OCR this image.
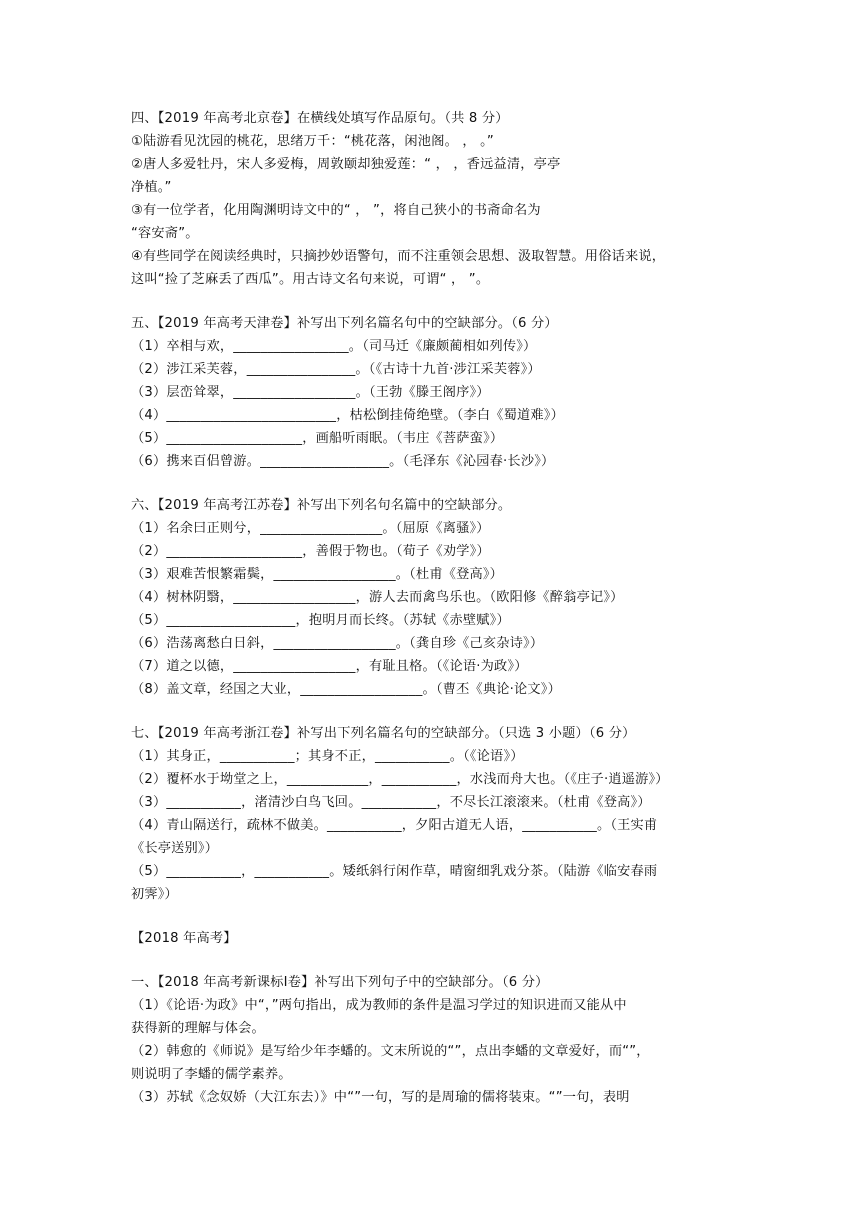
四、【2019 年高考北京卷】在横线处填写作品原句。（共 8 分）
①陆游看见沈园的桃花，思绪万千：“桃花落，闲池阁。 ， 。”
②唐人多爱牡丹，宋人多爱梅，周敦颐却独爱莲：“ ， ，香远益清，亭亭
净植。”
③有一位学者，化用陶渊明诗文中的“ ， ”，将自己狭小的书斋命名为
“容安斋”。
④有些同学在阅读经典时，只摘抄妙语警句，而不注重领会思想、汲取智慧。用俗话来说，
这叫“捡了芝麻丢了西瓜”。用古诗文名句来说，可谓“ ， ”。
五、【2019 年高考天津卷】补写出下列名篇名句中的空缺部分。（6 分）
（1）卒相与欢，_________________。（司马迁《廉颇蔺相如列传》）
（2）涉江采芙蓉，________________。（《古诗十九首·涉江采芙蓉》）
（3）层峦耸翠，__________________。（王勃《滕王阁序》）
（4）_________________________，枯松倒挂倚绝壁。（李白《蜀道难》）
（5）____________________，画船听雨眠。（韦庄《菩萨蛮》）
（6）携来百侣曾游。___________________。（毛泽东《沁园春·长沙》）
六、【2019 年高考江苏卷】补写出下列名句名篇中的空缺部分。
（1）名余曰正则兮，__________________。（屈原《离骚》）
（2）____________________，善假于物也。（荀子《劝学》）
（3）艰难苦恨繁霜鬓，__________________。（杜甫《登高》）
（4）树林阴翳，__________________，游人去而禽鸟乐也。（欧阳修《醉翁亭记》）
（5）___________________，抱明月而长终。（苏轼《赤壁赋》）
（6）浩荡离愁白日斜，__________________。（龚自珍《己亥杂诗》）
（7）道之以德，__________________，有耻且格。（《论语·为政》）
（8）盖文章，经国之大业，__________________。（曹丕《典论·论文》）
七、【2019 年高考浙江卷】补写出下列名篇名句的空缺部分。（只选 3 小题）（6 分）
（1）其身正，___________；其身不正，___________。（《论语》）
（2）覆杯水于坳堂之上，____________，___________，水浅而舟大也。（《庄子·逍遥游》）
（3）___________，渚清沙白鸟飞回。___________，不尽长江滚滚来。（杜甫《登高》）
（4）青山隔送行，疏林不做美。___________，夕阳古道无人语，___________。（王实甫
《长亭送别》）
（5）___________，___________。矮纸斜行闲作草，晴窗细乳戏分茶。（陆游《临安春雨
初霁》）
【2018 年高考】
一、【2018 年高考新课标Ⅰ卷】补写出下列句子中的空缺部分。（6 分）
（1）《论语·为政》中“，”两句指出，成为教师的条件是温习学过的知识进而又能从中
获得新的理解与体会。
（2）韩愈的《师说》是写给少年李蟠的。文末所说的“”，点出李蟠的文章爱好，而“”，
则说明了李蟠的儒学素养。
（3）苏轼《念奴娇（大江东去）》中“”一句，写的是周瑜的儒将装束。“”一句，表明
